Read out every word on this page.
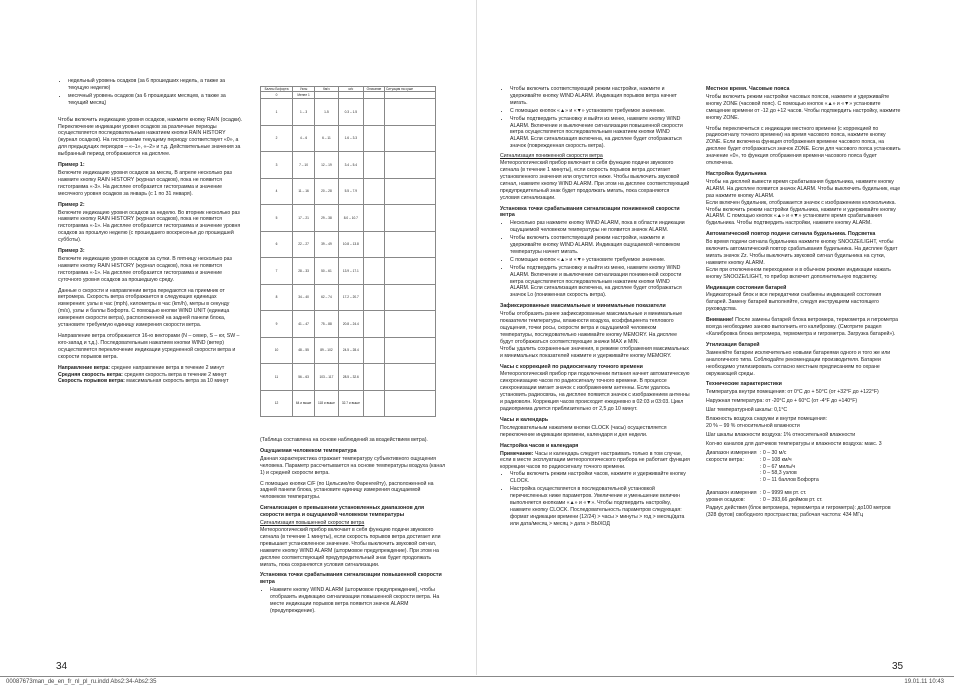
• недельный уровень осадков (за 6 прошедших недель, а также за текущую неделю)
• месячный уровень осадков (за 6 прошедших месяцев, а также за текущий месяц)

Чтобы включить индикацию уровня осадков, нажмите кнопку RAIN (осадки). Переключение индикации уровня осадков за различные периоды осуществляется последовательным нажатием кнопки RAIN HISTORY (журнал осадков). На гистограмме текущему периоду соответствует «0», а для предыдущих периодов – «–1», «–2» и т.д. Действительные значения за выбранный период отображаются на дисплее.

Пример 1:

Включите индикацию уровня осадков за месяц. В апреле несколько раз нажмите кнопку RAIN HISTORY (журнал осадков), пока не появится гистограмма «-3». На дисплее отобразится гистограмма и значение месячного уровня осадков за январь (с 1 по 31 января).

Пример 2:

Включите индикацию уровня осадков за неделю. Во вторник несколько раз нажмите кнопку RAIN HISTORY (журнал осадков), пока не появится гистограмма «-1». На дисплее отобразится гистограмма и значение уровня осадков за прошлую неделю (с прошедшего воскресенья до прошедшей субботы).

Пример 3:

Включите индикацию уровня осадков за сутки. В пятницу несколько раз нажмите кнопку RAIN HISTORY (журнал осадков), пока не появится гистограмма «-1». На дисплее отобразится гистограмма и значение суточного уровня осадков за прошедшую среду.

Данные о скорости и направлении ветра передаются на приемник от ветромера. Скорость ветра отображается в следующих единицах измерения: узлы в час (mph), километры в час (km/h), метры в секунду (m/s), узлы и баллы Бофорта. С помощью кнопки WIND UNIT (единица измерения скорости ветра), расположенной на задней панели блока, установите требуемую единицу измерения скорости ветра.

Направление ветра отображается 16-ю векторами (N – север, S – юг, SW – юго-запад и т.д.). Последовательным нажатием кнопки WIND (ветер) осуществляется переключение индикации усредненной скорости ветра и скорости порывов ветра.

Направление ветра: среднее направление ветра в течение 2 минут

Средняя скорость ветра: средняя скорость ветра в течение 2 минут

Скорость порывов ветра: максимальная скорость ветра за 10 минут

Баллы Бофорта	Узлы	Км/ч	м/с	Описание	Ситуация на суше
0	Менее 1				
1	1 – 3	1-5	0.3 – 1.5		
2	4 – 6	6 – 11	1.6 – 3.3		
3	7 – 10	12 – 19	3.4 – 5.4		
4	11 – 16	20 – 28	5.5 – 7.9		
5	17 – 21	29 – 38	8.0 – 10.7		
6	22 – 27	39 – 49	10.8 – 13.8		
7	28 – 33	50 – 61	13.9 – 17.1		
8	34 – 40	62 – 74	17.2 – 20.7		
9	41 – 47	75 – 88	20.8 – 24.4		
10	48 – 55	89 – 102	24.5 – 28.4		
11	56 – 63	103 – 117	28.5 – 32.6		
12	64 и выше	118 и выше	32.7 и выше		

(Таблица составлена на основе наблюдений за воздействием ветра).

Ощущаемая человеком температура

Данная характеристика отражает температуру субъективного ощущения человека. Параметр рассчитывается на основе температуры воздуха (канал 1) и средней скорости ветра.

С помощью кнопки C/F (по Цельсию/по Фаренгейту), расположенной на задней панели блока, установите единицу измерения ощущаемой человеком температуры.

Сигнализация о превышении установленных диапазонов для скорости ветра и ощущаемой человеком температуры

Сигнализация повышенной скорости ветра

Метеорологический прибор включает в себя функцию подачи звукового сигнала (в течение 1 минуты), если скорость порывов ветра достигает или превышает установленное значение. Чтобы выключить звуковой сигнал, нажмите кнопку WIND ALARM (штормовое предупреждение). При этом на дисплее соответствующий предупредительный знак будет продолжать мигать, пока сохраняются условия сигнализации.

Установка точки срабатывания сигнализации повышенной скорости ветра
• Нажмите кнопку WIND ALARM (штормовое предупреждение), чтобы отобразить индикацию сигнализации повышенной скорости ветра. На месте индикации порывов ветра появится значок ALARM (предупреждение).
• Чтобы включить соответствующий режим настройки, нажмите и удерживайте кнопку WIND ALARM. Индикация порывов ветра начнет мигать.
• С помощью кнопок «▲» и «▼» установите требуемое значение.
• Чтобы подтвердить установку и выйти из меню, нажмите кнопку WIND ALARM. Включение и выключение сигнализации повышенной скорости ветра осуществляется последовательным нажатием кнопки WIND ALARM. Если сигнализация включена, на дисплее будет отображаться значок (поврежденная скорость ветра).

Сигнализация пониженной скорости ветра

Метеорологический прибор включает в себя функцию подачи звукового сигнала (в течение 1 минуты), если скорость порывов ветра достигает установленного значения или опустится ниже. Чтобы выключить звуковой сигнал, нажмите кнопку WIND ALARM. При этом на дисплее соответствующий предупредительный знак будет продолжать мигать, пока сохраняются условия сигнализации.

Установка точки срабатывания сигнализации пониженной скорости ветра
• Несколько раз нажмите кнопку WIND ALARM, пока в области индикации ощущаемой человеком температуры не появится значок ALARM.
• Чтобы включить соответствующий режим настройки, нажмите и удерживайте кнопку WIND ALARM. Индикация ощущаемой человеком температуры начнет мигать.
• С помощью кнопок «▲» и «▼» установите требуемое значение.
• Чтобы подтвердить установку и выйти из меню, нажмите кнопку WIND ALARM. Включение и выключение сигнализации пониженной скорости ветра осуществляется последовательным нажатием кнопки WIND ALARM. Если сигнализация включена, на дисплее будет отображаться значок Lo (пониженная скорость ветра).
Зафиксированные максимальные и минимальные показатели

Чтобы отобразить ранее зафиксированные максимальные и минимальные показатели температуры, влажности воздуха, коэффициента теплового ощущения, точки росы, скорости ветра и ощущаемой человеком температуры, последовательно нажимайте кнопку MEMORY. На дисплее будут отображаться соответствующие значки MAX и MIN.

Чтобы удалить сохраненные значения, в режиме отображения максимальных и минимальных показателей нажмите и удерживайте кнопку MEMORY.

Часы с коррекцией по радиосигналу точного времени

Метеорологический прибор при подключении питания начнет автоматическую синхронизацию часов по радиосигналу точного времени. В процессе синхронизации мигает значок с изображением антенны. Если удалось установить радиосвязь, на дисплее появится значок с изображением антенны и радиоволн. Коррекция часов происходит ежедневно в 02:03 и 03:03. Цикл радиоприема длится приблизительно от 2,5 до 10 минут.

Часы и календарь

Последовательным нажатием кнопки CLOCK (часы) осуществляется переключение индикации времени, календаря и дня недели.

Настройка часов и календаря

Примечание: Часы и календарь следует настраивать только в том случае, если в месте эксплуатации метеорологического прибора не работает функция коррекции часов по радиосигналу точного времени.

• Чтобы включить режим настройки часов, нажмите и удерживайте кнопку CLOCK.
• Настройка осуществляется в последовательной установкой перечисленных ниже параметров. Увеличение и уменьшение величин выполняется кнопками «▲» и «▼». Чтобы подтвердить настройку, нажмите кнопку CLOCK. Последовательность параметров следующая: формат индикации времени (12/24) > часы > минуты > год > месяц/дата или дата/месяц > месяц > дата > ВЫХОД
Местное время. Часовые пояса

Чтобы включить режим настройки часовых поясов, нажмите и удерживайте кнопку ZONE (часовой пояс). С помощью кнопок «▲» и «▼» установите смещение времени от -12 до +12 часов. Чтобы подтвердить настройку, нажмите кнопку ZONE.

Чтобы переключиться с индикации местного времени (с коррекцией по радиосигналу точного времени) на время часового пояса, нажмите кнопку ZONE. Если включена функция отображения времени часового пояса, на дисплее будет отображаться значок ZONE. Если для часового пояса установить значение «0», то функция отображения времени часового пояса будет отключена.

Настройка будильника

Чтобы на дисплей вывести время срабатывания будильника, нажмите кнопку ALARM. На дисплее появится значок ALARM. Чтобы выключить будильник, еще раз нажмите кнопку ALARM.

Если включен будильник, отображается значок с изображением колокольчика. Чтобы включить режим настройки будильника, нажмите и удерживайте кнопку ALARM. С помощью кнопок «▲» и «▼» установите время срабатывания будильника. Чтобы подтвердить настройки, нажмите кнопку ALARM.

Автоматический повтор подачи сигнала будильника. Подсветка

Во время подачи сигнала будильника нажмите кнопку SNOOZE/LIGHT, чтобы включить автоматический повтор срабатывания будильника. На дисплее будет мигать значок Zz. Чтобы выключить звуковой сигнал будильника на сутки, нажмите кнопку ALARM.

Если при отключенном переходнике и в обычном режиме индикации нажать кнопку SNOOZE/LIGHT, то прибор включит дополнительную подсветку.

Индикация состояния батарей

Индикаторный блок и все передатчики снабжены индикацией состояния батарей. Замену батарей выполняйте, следуя инструкциям настоящего руководства.

Внимание! После замены батарей блока ветромера, термометра и гигрометра всегда необходимо заново выполнить его калибровку. (Смотрите раздел «Калибровка блока ветромера, термометра и гигрометра. Загрузка батарей»).

Утилизация батарей

Заменяйте батареи исключительно новыми батареями одного и того же или аналогичного типа. Соблюдайте рекомендации производителя. Батареи необходимо утилизировать согласно местным предписаниям по охране окружающей среды.

Технические характеристики

Температура внутри помещения: от 0°C до + 50°C (от +32°F до +122°F)

Наружная температура: от -20°C до + 60°C (от -4°F до +140°F)

Шаг температурной шкалы: 0,1°C

Влажность воздуха снаружи и внутри помещения:

20 % – 99 % относительной влажности

Шаг шкалы влажности воздуха: 1% относительной влажности

Кол-во каналов для датчиков температуры и влажности воздуха: макс. 3

Диапазон измерения скорости ветра:
: 0 – 30 м/с
: 0 – 108 км/ч
: 0 – 67 миль/ч
: 0 – 58,3 узлов
: 0 – 11 баллов Бофорта
Диапазон измерения уровня осадков:
: 0 – 9999 мм рт. ст.
: 0 – 393,66 дюймов рт. ст.

Радиус действия (блок ветромера, термометра и гигрометра): до100 метров (328 футов) свободного пространства; рабочая частота: 434 МГц

34	35
00087673man_de_en_fr_nl_pl_ru.indd Abs2:34-Abs2:35	19.01.11 10:43
